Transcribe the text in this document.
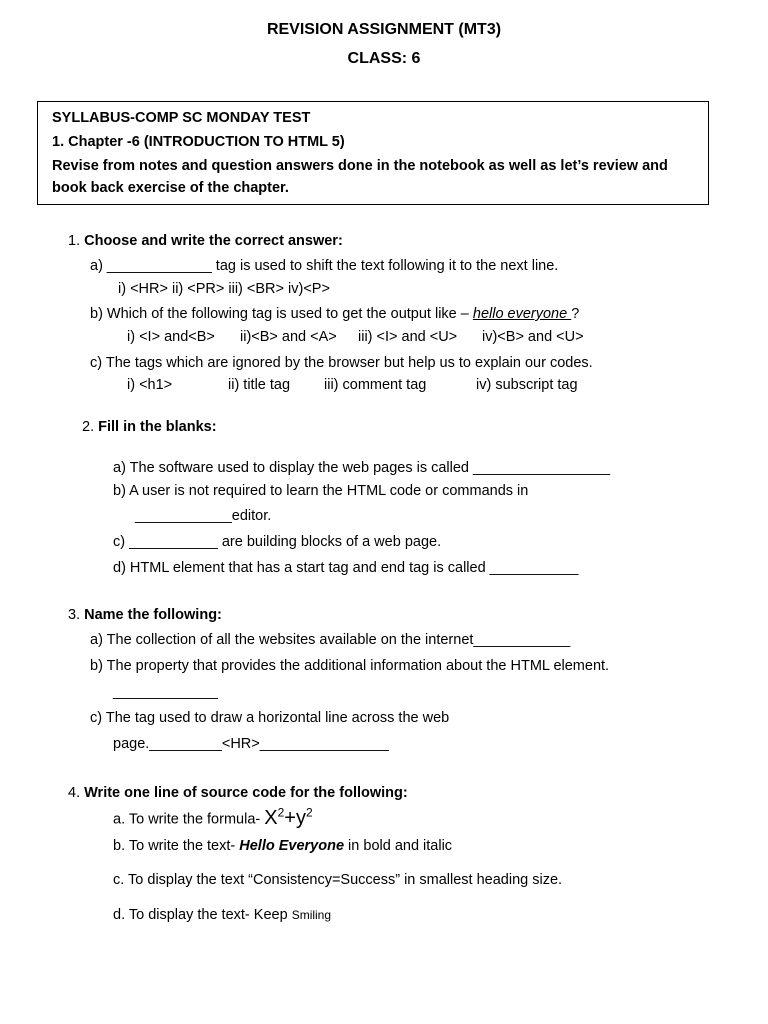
REVISION ASSIGNMENT (MT3)
CLASS: 6
SYLLABUS-COMP SC MONDAY TEST
1. Chapter -6 (INTRODUCTION TO HTML 5)
Revise from notes and question answers done in the notebook as well as let’s review and
book back exercise of the chapter.
1. Choose and write the correct answer:
a) _____________ tag is used to shift the text following it to the next line.
i) <HR> ii) <PR> iii) <BR> iv)<P>
b) Which of the following tag is used to get the output like – hello everyone ?
i) <I> and<B> ii)<B> and <A> iii) <I> and <U> iv)<B> and <U>
c) The tags which are ignored by the browser but help us to explain our codes.
i) <h1>	ii) title tag iii) comment tag	iv) subscript tag
2. Fill in the blanks:
a) The software used to display the web pages is called _________________
b) A user is not required to learn the HTML code or commands in
____________editor.
c) ___________ are building blocks of a web page.
d) HTML element that has a start tag and end tag is called ___________
3. Name the following:
a) The collection of all the websites available on the internet____________
b) The property that provides the additional information about the HTML element.
_____________
c) The tag used to draw a horizontal line across the web
page._________<HR>________________
4. Write one line of source code for the following:
a. To write the formula- $X^2+y^2$
b. To write the text- Hello Everyone in bold and italic
c. To display the text “Consistency=Success” in smallest heading size.
d. To display the text- Keep Smiling
